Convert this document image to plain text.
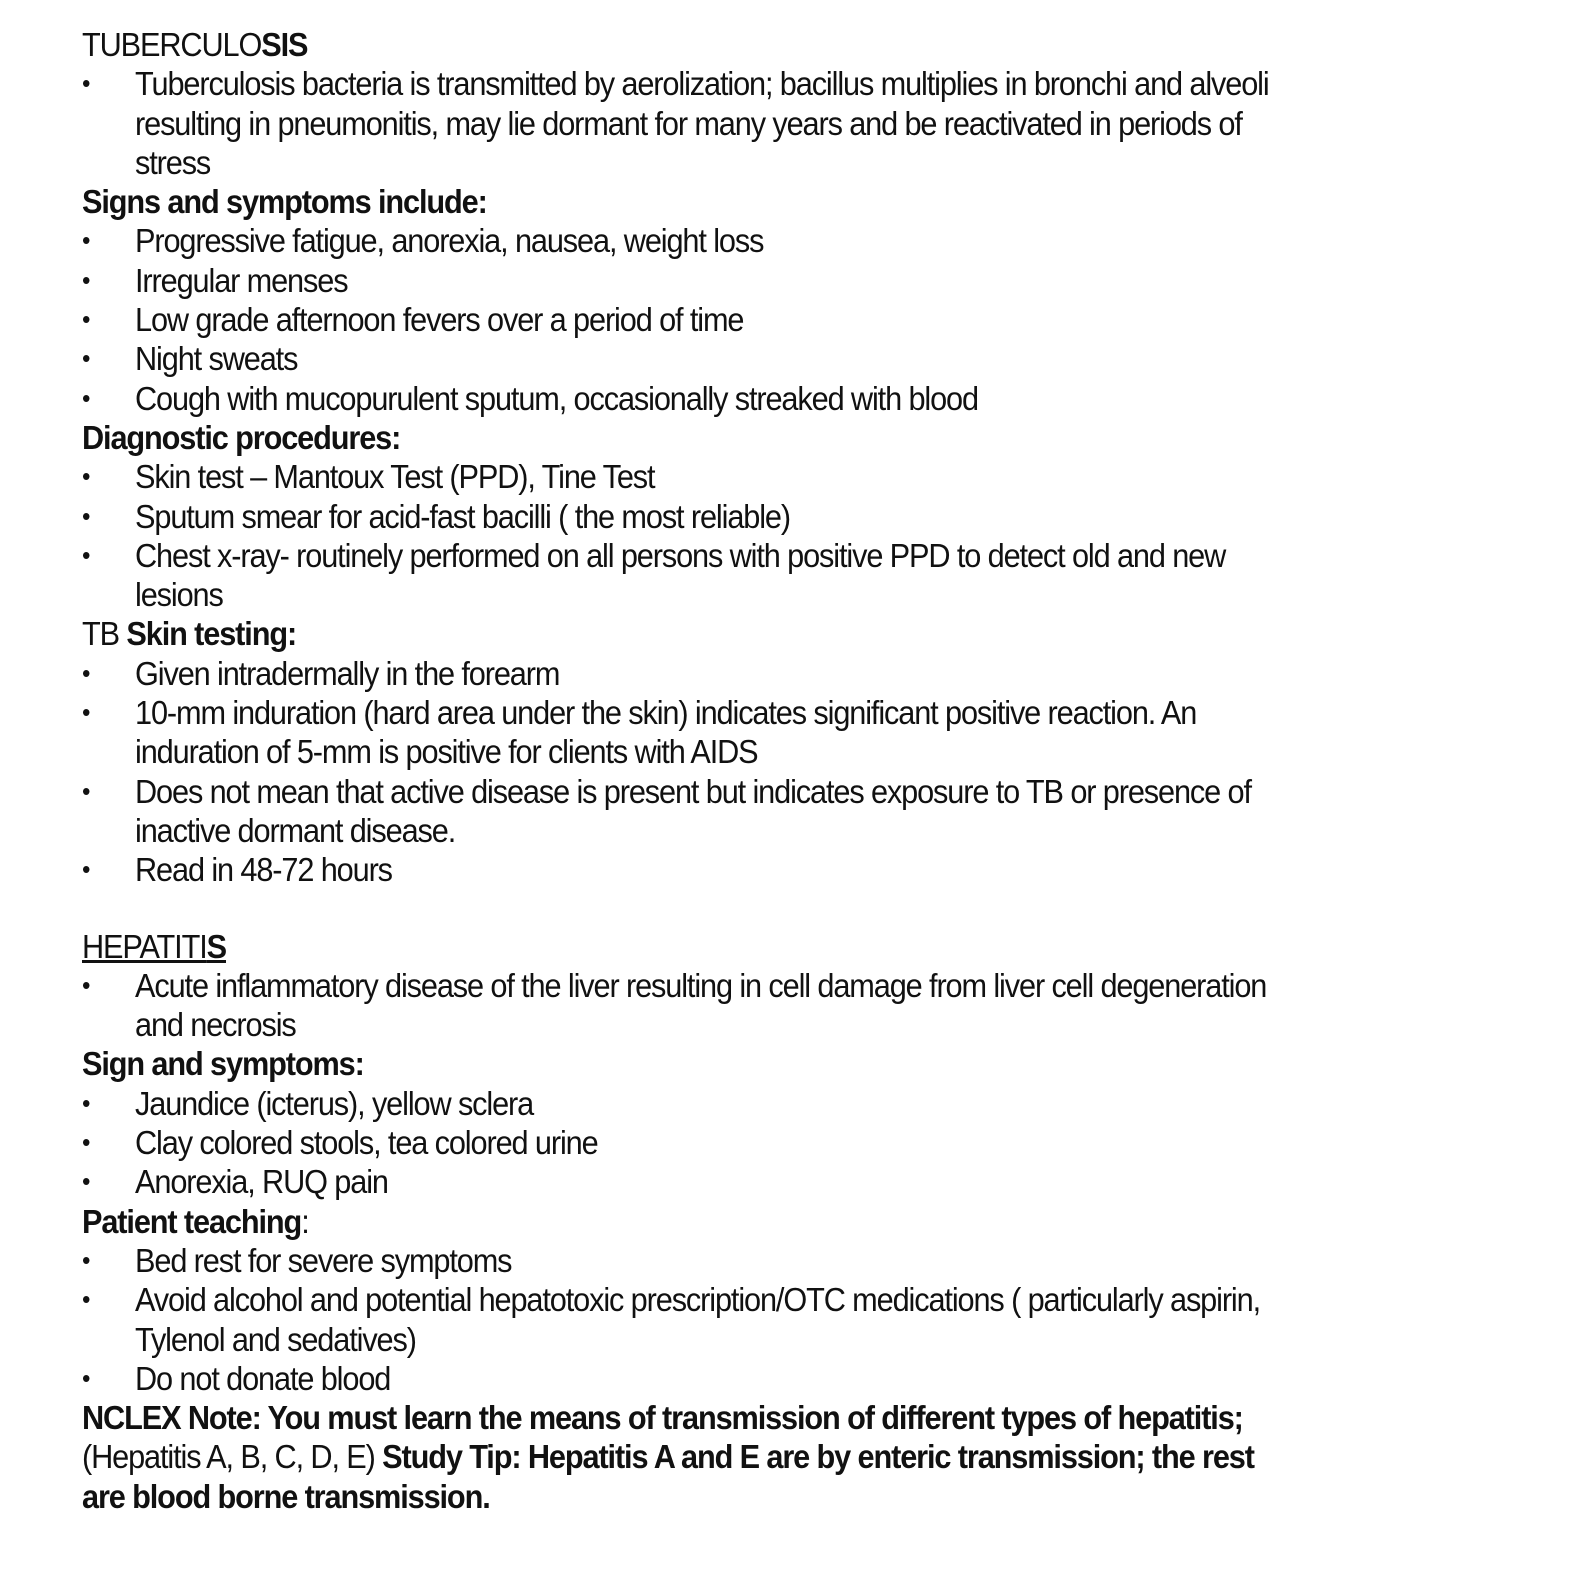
TUBERCULOSIS
• Tuberculosis bacteria is transmitted by aerolization; bacillus multiplies in bronchi and alveoli
resulting in pneumonitis, may lie dormant for many years and be reactivated in periods of
stress
Signs and symptoms include:
• Progressive fatigue, anorexia, nausea, weight loss
• Irregular menses
• Low grade afternoon fevers over a period of time
• Night sweats
• Cough with mucopurulent sputum, occasionally streaked with blood
Diagnostic procedures:
• Skin test – Mantoux Test (PPD), Tine Test
• Sputum smear for acid-fast bacilli ( the most reliable)
• Chest x-ray- routinely performed on all persons with positive PPD to detect old and new
lesions
TB Skin testing:
• Given intradermally in the forearm
• 10-mm induration (hard area under the skin) indicates significant positive reaction. An
induration of 5-mm is positive for clients with AIDS
• Does not mean that active disease is present but indicates exposure to TB or presence of
inactive dormant disease.
• Read in 48-72 hours
HEPATITIS
• Acute inflammatory disease of the liver resulting in cell damage from liver cell degeneration
and necrosis
Sign and symptoms:
• Jaundice (icterus), yellow sclera
• Clay colored stools, tea colored urine
• Anorexia, RUQ pain
Patient teaching:
• Bed rest for severe symptoms
• Avoid alcohol and potential hepatotoxic prescription/OTC medications ( particularly aspirin,
Tylenol and sedatives)
• Do not donate blood
NCLEX Note: You must learn the means of transmission of different types of hepatitis;
(Hepatitis A, B, C, D, E) Study Tip: Hepatitis A and E are by enteric transmission; the rest
are blood borne transmission.
